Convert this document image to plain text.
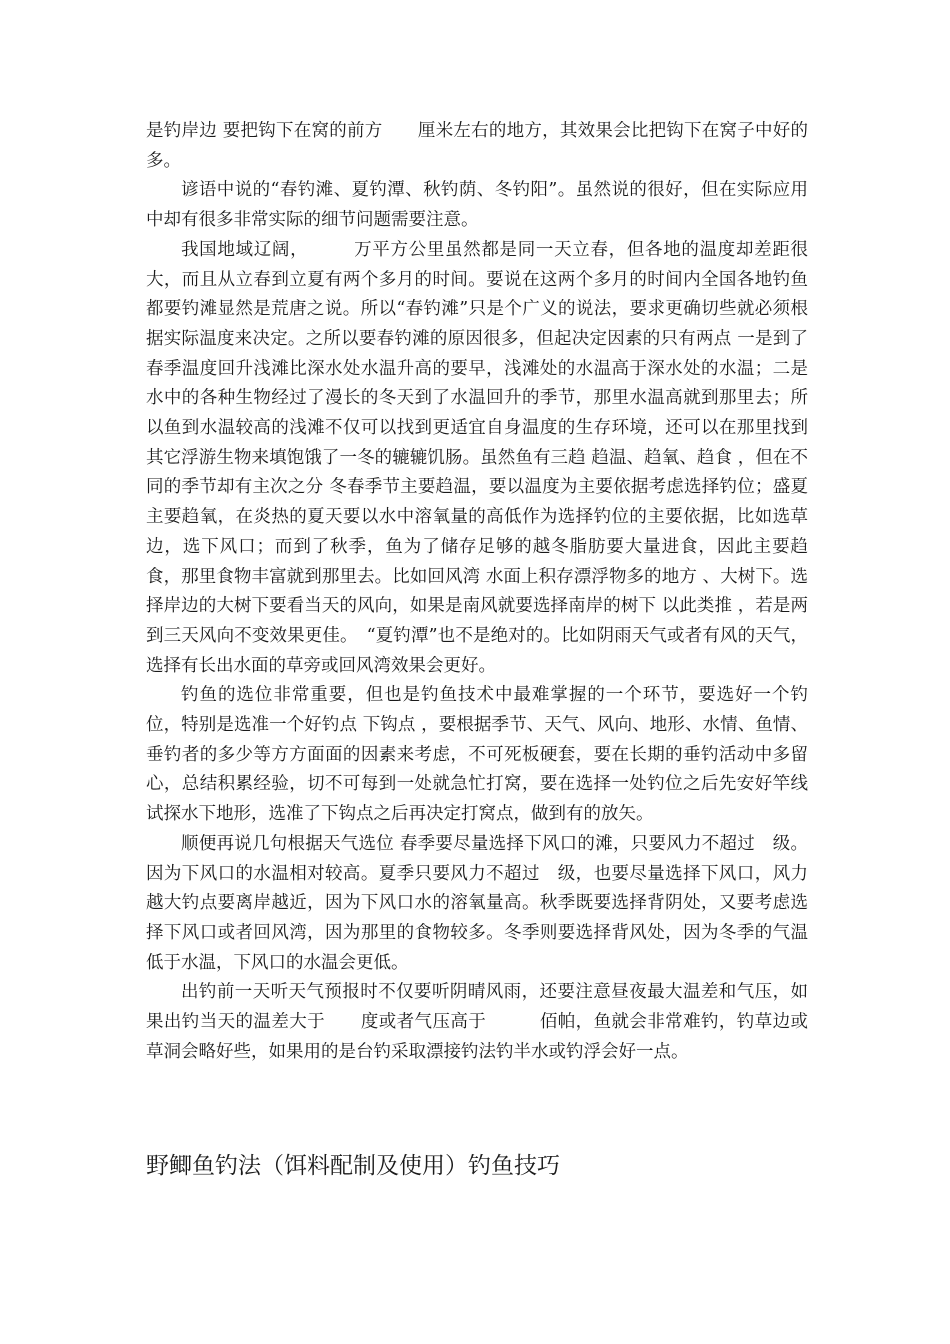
是钓岸边 要把钩下在窝的前方　　厘米左右的地方，其效果会比把钩下在窝子中好的多。

谚语中说的“春钓滩、夏钓潭、秋钓荫、冬钓阳”。虽然说的很好，但在实际应用中却有很多非常实际的细节问题需要注意。

我国地域辽阔，　　　万平方公里虽然都是同一天立春，但各地的温度却差距很大，而且从立春到立夏有两个多月的时间。要说在这两个多月的时间内全国各地钓鱼都要钓滩显然是荒唐之说。所以“春钓滩”只是个广义的说法，要求更确切些就必须根据实际温度来决定。之所以要春钓滩的原因很多，但起决定因素的只有两点 一是到了春季温度回升浅滩比深水处水温升高的要早，浅滩处的水温高于深水处的水温；二是水中的各种生物经过了漫长的冬天到了水温回升的季节，那里水温高就到那里去；所以鱼到水温较高的浅滩不仅可以找到更适宜自身温度的生存环境，还可以在那里找到其它浮游生物来填饱饿了一冬的辘辘饥肠。虽然鱼有三趋 趋温、趋氧、趋食 ，但在不同的季节却有主次之分 冬春季节主要趋温，要以温度为主要依据考虑选择钓位；盛夏主要趋氧，在炎热的夏天要以水中溶氧量的高低作为选择钓位的主要依据，比如选草边，选下风口；而到了秋季，鱼为了储存足够的越冬脂肪要大量进食，因此主要趋食，那里食物丰富就到那里去。比如回风湾 水面上积存漂浮物多的地方 、大树下。选择岸边的大树下要看当天的风向，如果是南风就要选择南岸的树下 以此类推 ，若是两到三天风向不变效果更佳。　“夏钓潭”也不是绝对的。比如阴雨天气或者有风的天气，选择有长出水面的草旁或回风湾效果会更好。

钓鱼的选位非常重要，但也是钓鱼技术中最难掌握的一个环节，要选好一个钓位，特别是选准一个好钓点 下钩点 ，要根据季节、天气、风向、地形、水情、鱼情、垂钓者的多少等方方面面的因素来考虑，不可死板硬套，要在长期的垂钓活动中多留心，总结积累经验，切不可每到一处就急忙打窝，要在选择一处钓位之后先安好竿线试探水下地形，选准了下钩点之后再决定打窝点，做到有的放矢。

顺便再说几句根据天气选位 春季要尽量选择下风口的滩，只要风力不超过　级。因为下风口的水温相对较高。夏季只要风力不超过　级，也要尽量选择下风口，风力越大钓点要离岸越近，因为下风口水的溶氧量高。秋季既要选择背阴处，又要考虑选择下风口或者回风湾，因为那里的食物较多。冬季则要选择背风处，因为冬季的气温低于水温，下风口的水温会更低。

出钓前一天听天气预报时不仅要听阴晴风雨，还要注意昼夜最大温差和气压，如果出钓当天的温差大于　　度或者气压高于　　　佰帕，鱼就会非常难钓，钓草边或草洞会略好些，如果用的是台钓采取漂接钓法钓半水或钓浮会好一点。

野鲫鱼钓法（饵料配制及使用）钓鱼技巧
